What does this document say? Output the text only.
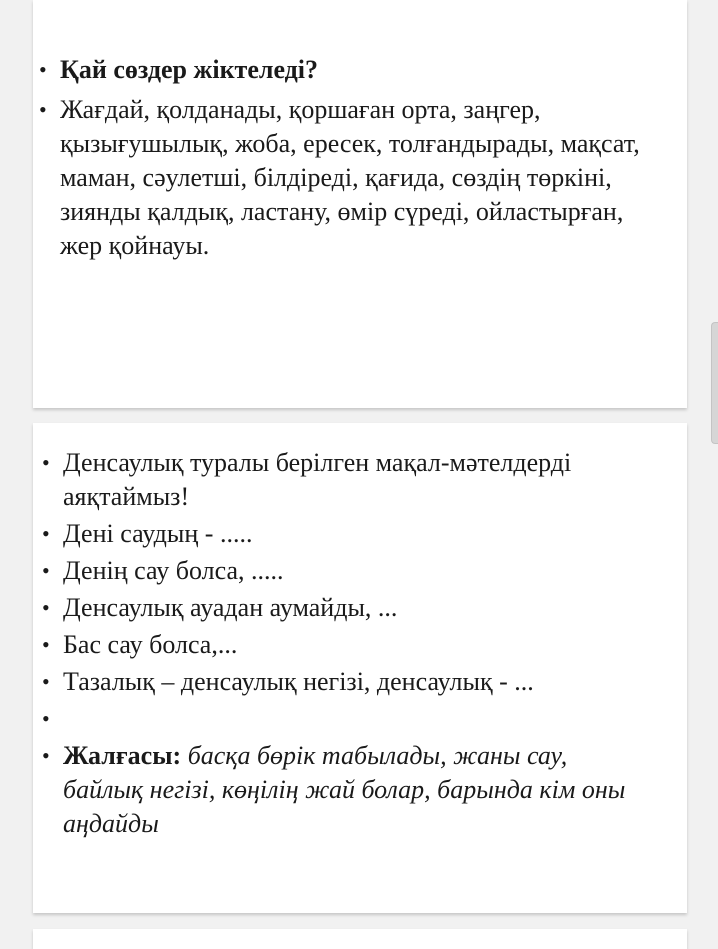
• Қай сөздер жіктеледі?
• Жағдай, қолданады, қоршаған орта, заңгер, қызығушылық, жоба, ересек, толғандырады, мақсат, маман, сәулетші, білдіреді, қағида, сөздің төркіні, зиянды қалдық, ластану, өмір сүреді, ойластырған, жер қойнауы.
• Денсаулық туралы берілген мақал-мәтелдерді аяқтаймыз!
• Дені саудың - .....
• Денің сау болса, .....
• Денсаулық ауадан аумайды, ...
• Бас сау болса,...
• Тазалық – денсаулық негізі, денсаулық - ...
•
• Жалғасы: басқа бөрік табылады, жаны сау, байлық негізі, көңілің жай болар, барында кім оны аңдайды
